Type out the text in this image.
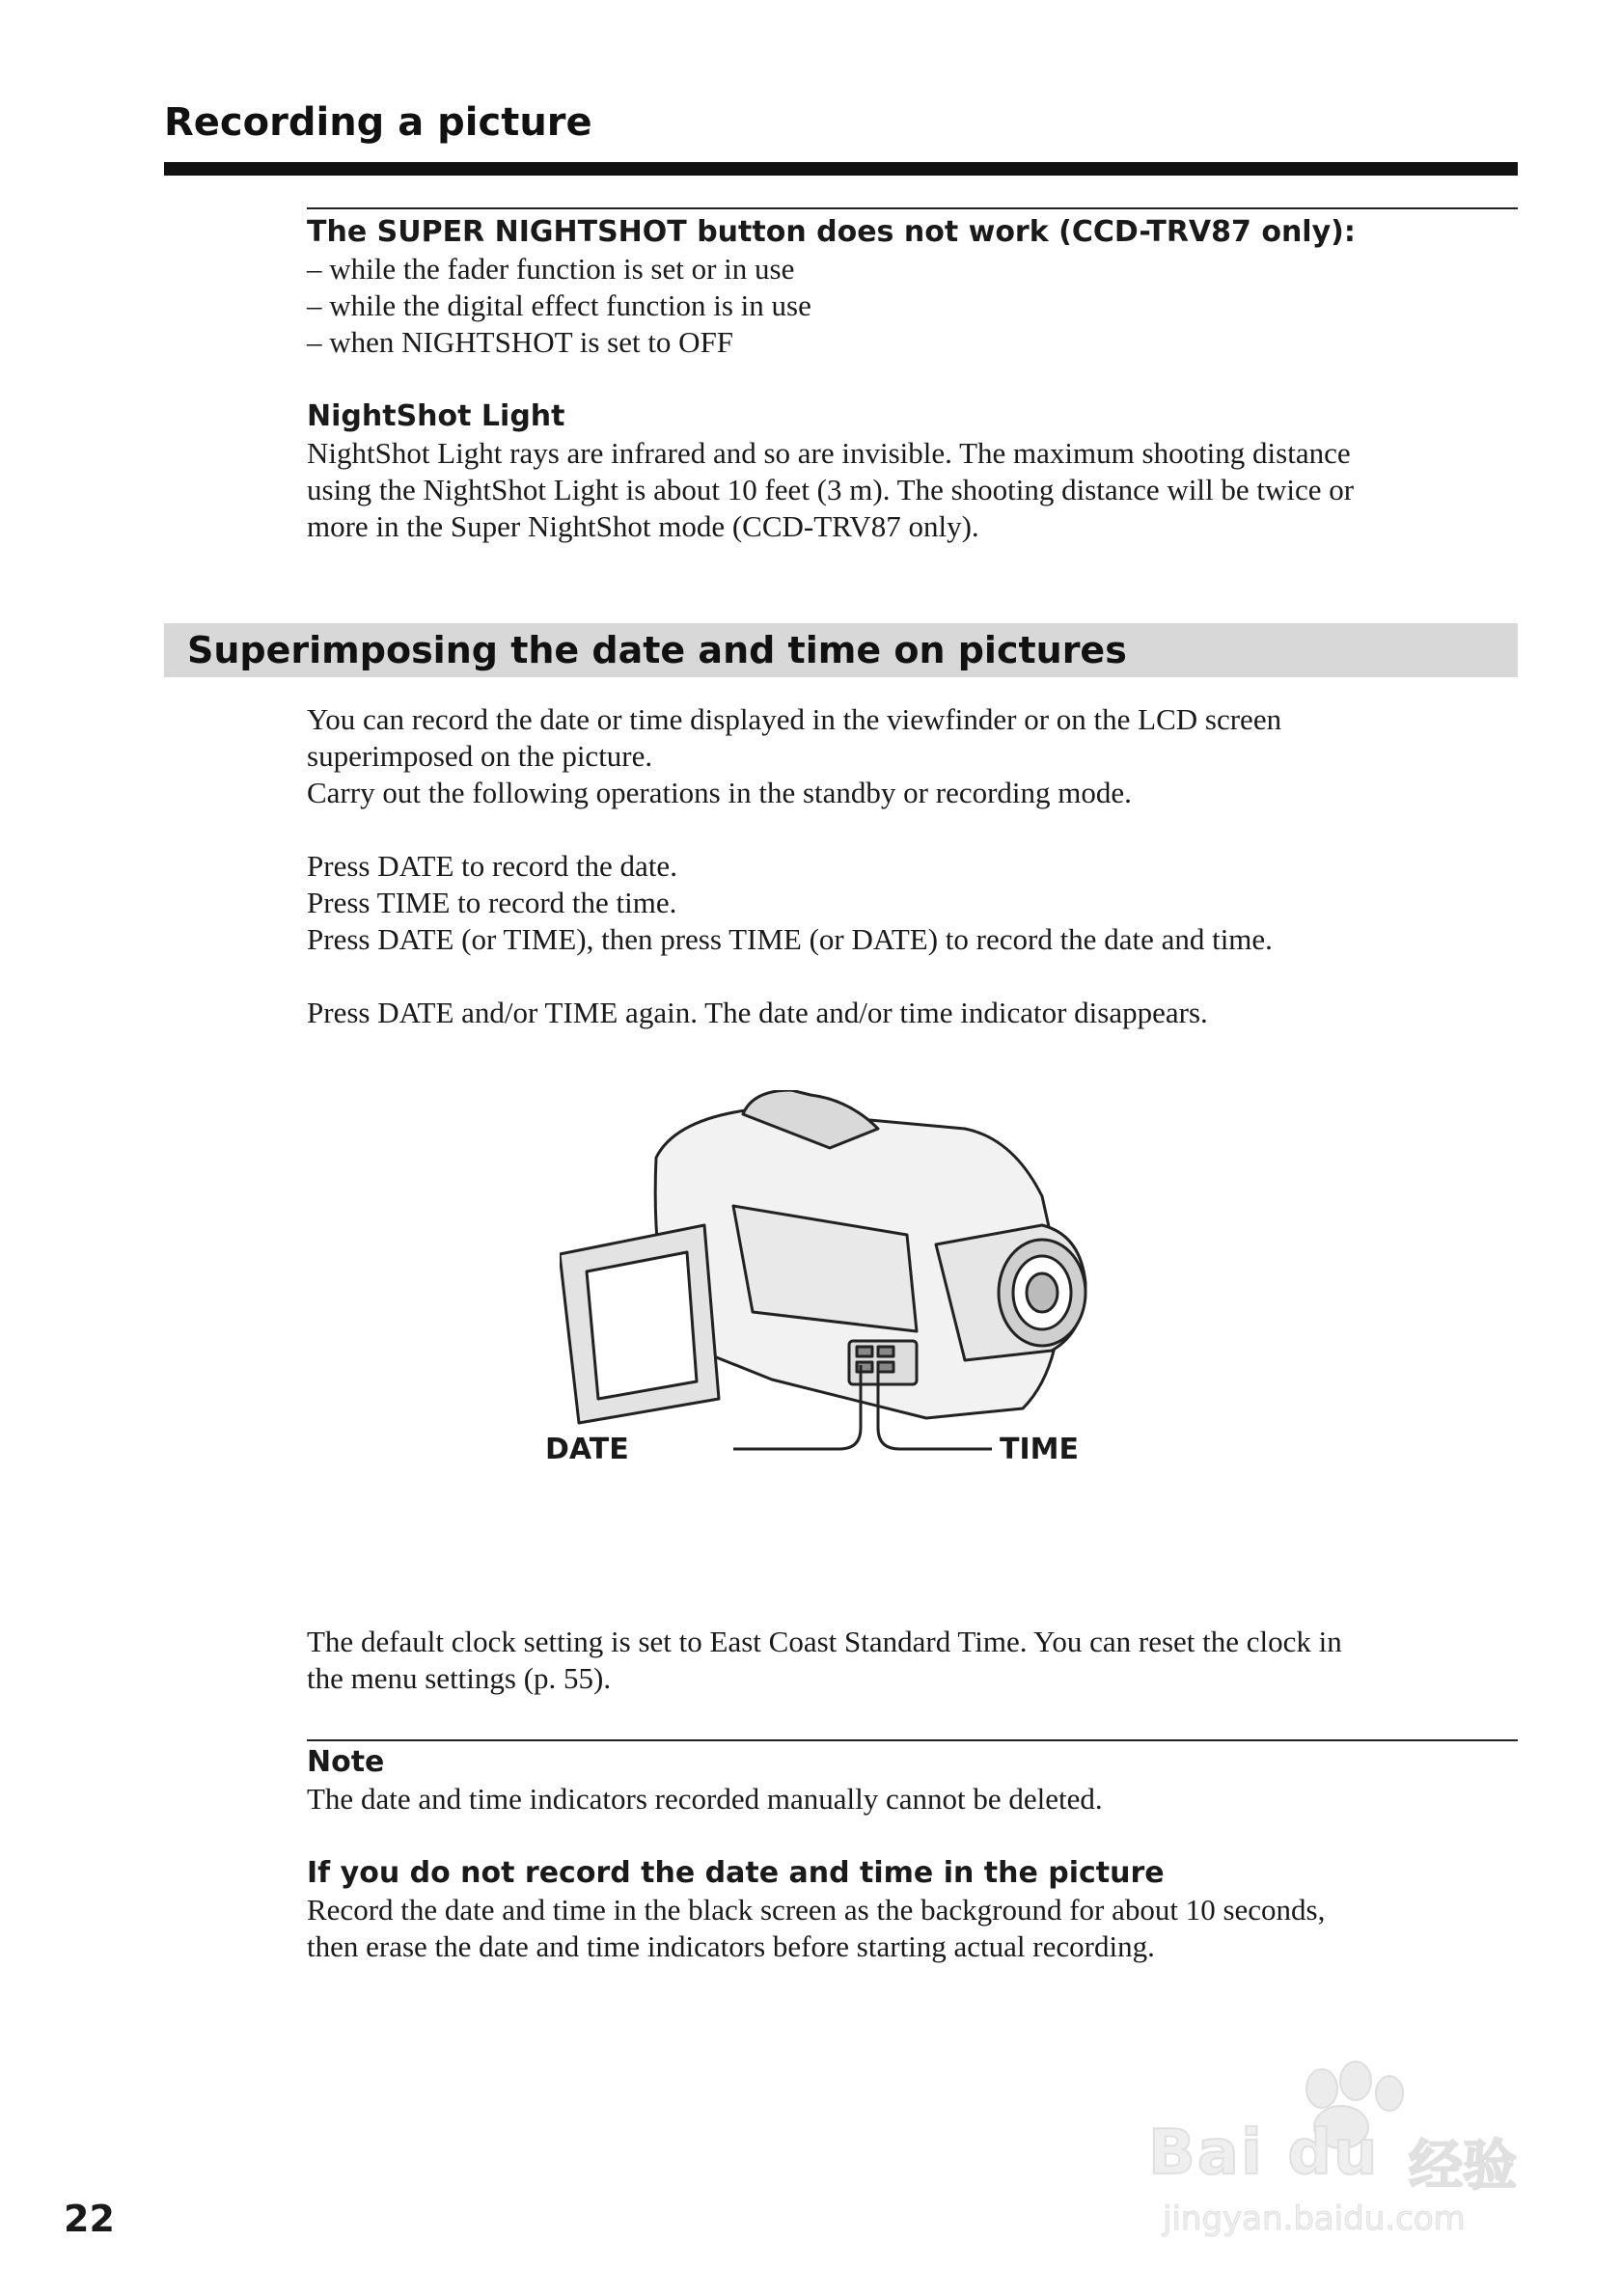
Recording a picture
The SUPER NIGHTSHOT button does not work (CCD-TRV87 only):
– while the fader function is set or in use
– while the digital effect function is in use
– when NIGHTSHOT is set to OFF
NightShot Light
NightShot Light rays are infrared and so are invisible. The maximum shooting distance
using the NightShot Light is about 10 feet (3 m). The shooting distance will be twice or
more in the Super NightShot mode (CCD-TRV87 only).
Superimposing the date and time on pictures
You can record the date or time displayed in the viewfinder or on the LCD screen
superimposed on the picture.
Carry out the following operations in the standby or recording mode.
Press DATE to record the date.
Press TIME to record the time.
Press DATE (or TIME), then press TIME (or DATE) to record the date and time.
Press DATE and/or TIME again. The date and/or time indicator disappears.
DATE	TIME
The default clock setting is set to East Coast Standard Time. You can reset the clock in
the menu settings (p. 55).
Note
The date and time indicators recorded manually cannot be deleted.
If you do not record the date and time in the picture
Record the date and time in the black screen as the background for about 10 seconds,
then erase the date and time indicators before starting actual recording.
22
Bai du 经验
jingyan.baidu.com
